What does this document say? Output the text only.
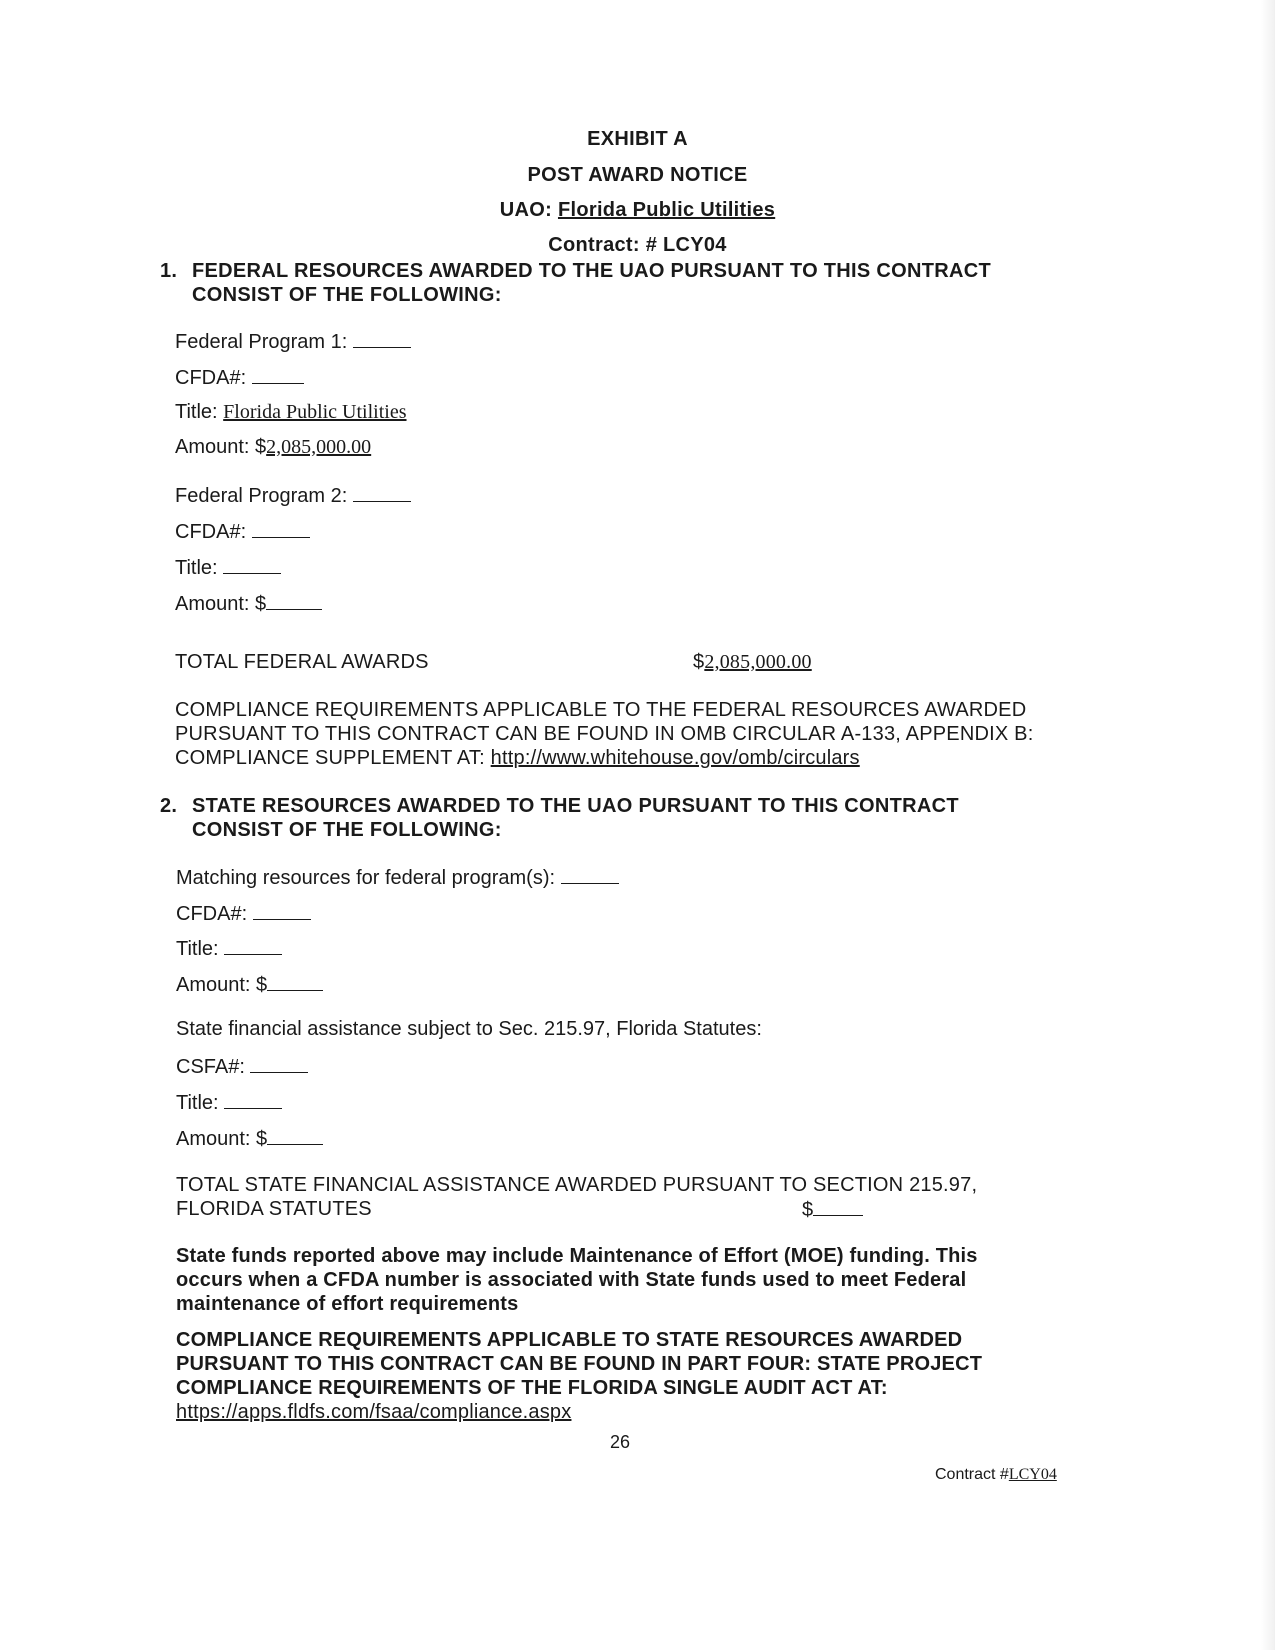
EXHIBIT A
POST AWARD NOTICE
UAO: Florida Public Utilities
Contract: # LCY04
1. FEDERAL RESOURCES AWARDED TO THE UAO PURSUANT TO THIS CONTRACT
CONSIST OF THE FOLLOWING:
Federal Program 1:
CFDA#:
Title: Florida Public Utilities
Amount: $2,085,000.00
Federal Program 2:
CFDA#:
Title:
Amount: $
TOTAL FEDERAL AWARDS	$2,085,000.00
COMPLIANCE REQUIREMENTS APPLICABLE TO THE FEDERAL RESOURCES AWARDED
PURSUANT TO THIS CONTRACT CAN BE FOUND IN OMB CIRCULAR A-133, APPENDIX B:
COMPLIANCE SUPPLEMENT AT: http://www.whitehouse.gov/omb/circulars
2. STATE RESOURCES AWARDED TO THE UAO PURSUANT TO THIS CONTRACT
CONSIST OF THE FOLLOWING:
Matching resources for federal program(s):
CFDA#:
Title:
Amount: $
State financial assistance subject to Sec. 215.97, Florida Statutes:
CSFA#:
Title:
Amount: $
TOTAL STATE FINANCIAL ASSISTANCE AWARDED PURSUANT TO SECTION 215.97,
FLORIDA STATUTES	$
State funds reported above may include Maintenance of Effort (MOE) funding. This
occurs when a CFDA number is associated with State funds used to meet Federal
maintenance of effort requirements
COMPLIANCE REQUIREMENTS APPLICABLE TO STATE RESOURCES AWARDED
PURSUANT TO THIS CONTRACT CAN BE FOUND IN PART FOUR: STATE PROJECT
COMPLIANCE REQUIREMENTS OF THE FLORIDA SINGLE AUDIT ACT AT:
https://apps.fldfs.com/fsaa/compliance.aspx
26
Contract #LCY04
